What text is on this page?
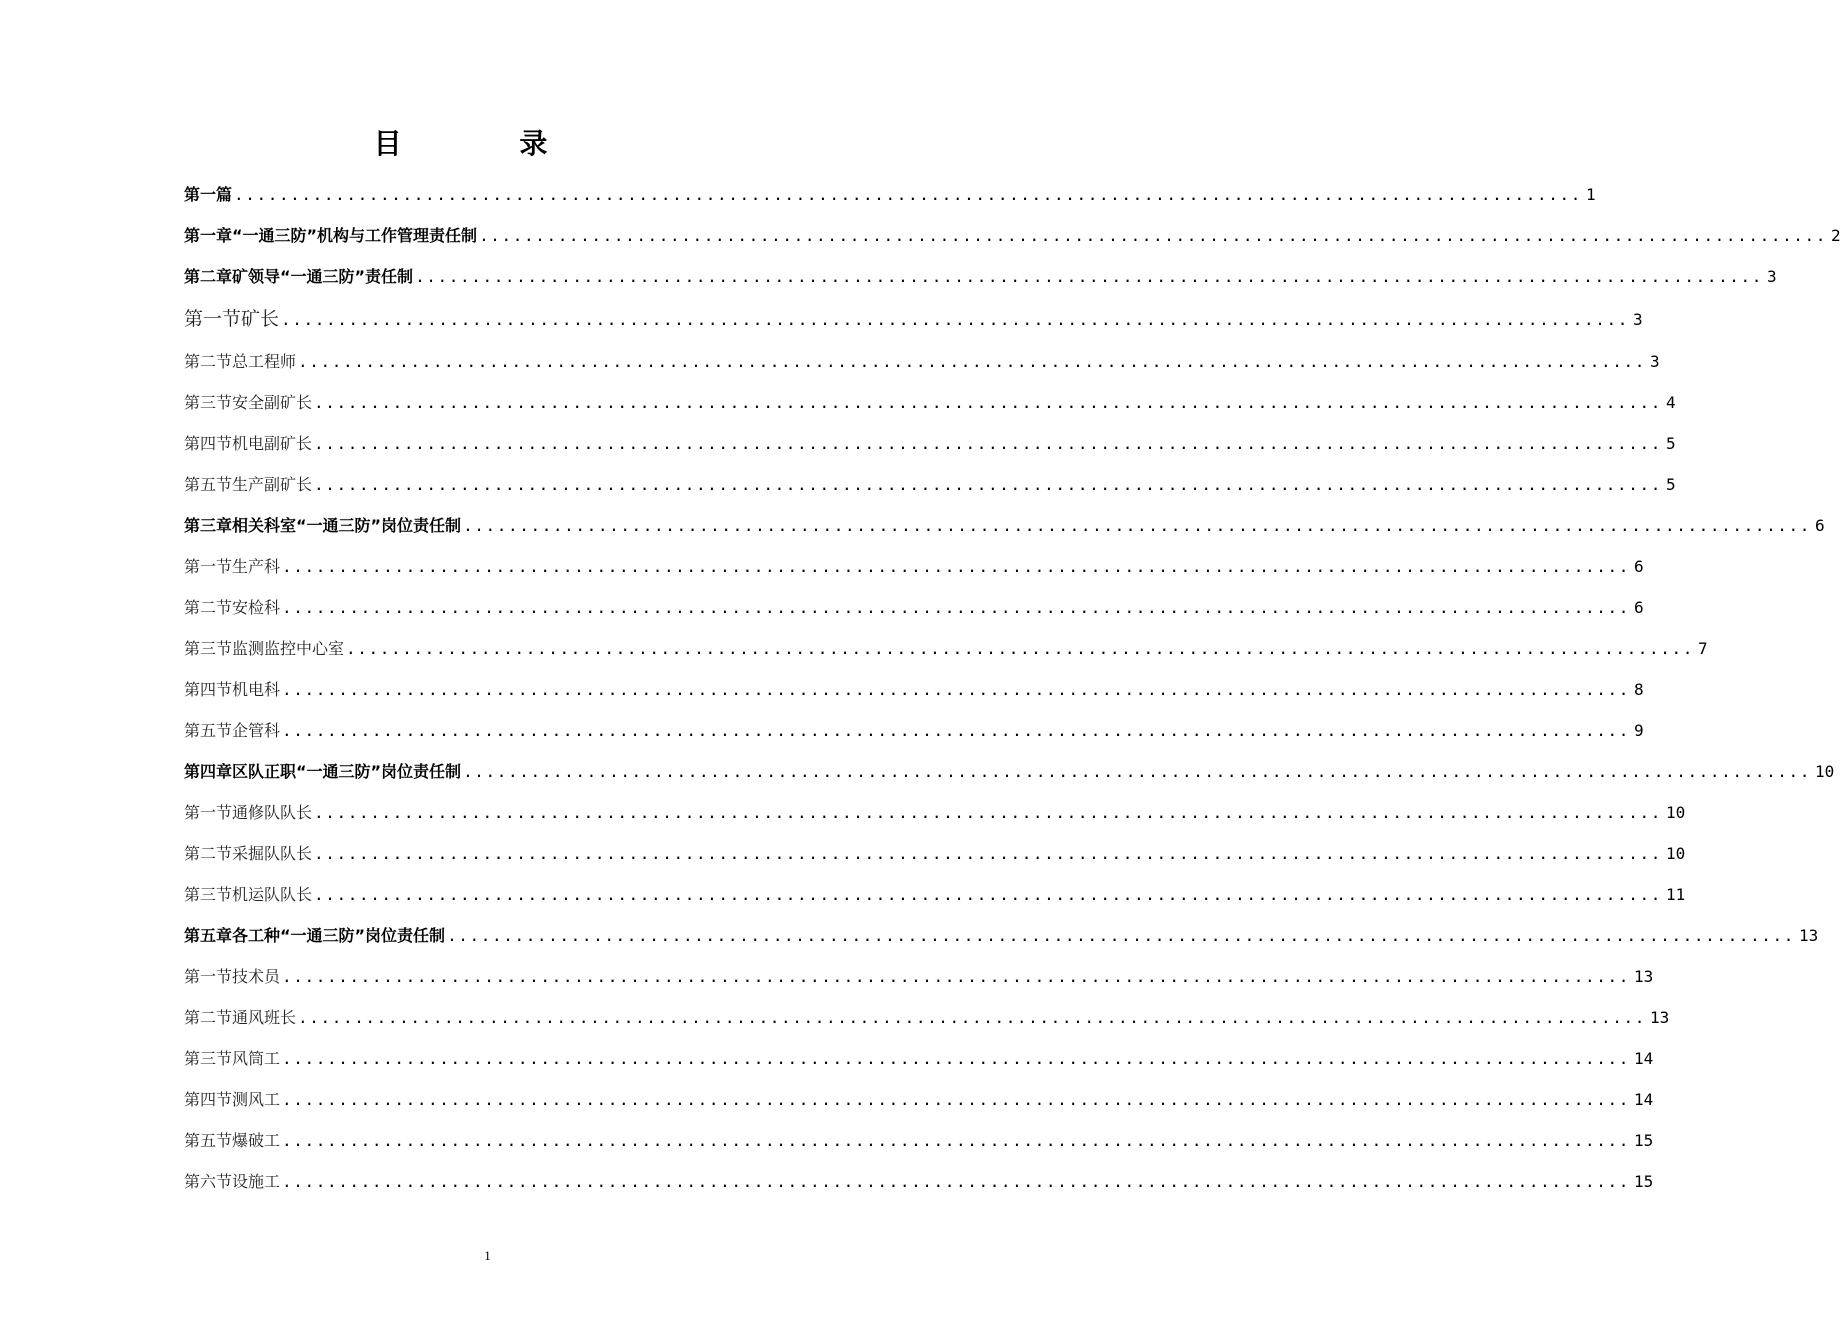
目 录
第一篇 ........................................................................................................................ 1
第一章 “一通三防”机构与工作管理责任制 ........................................................................................................................ 2
第二章 矿领导“一通三防”责任制 ........................................................................................................................ 3
第一节 矿长 ........................................................................................................................ 3
第二节 总工程师 ........................................................................................................................ 3
第三节 安全副矿长 ........................................................................................................................ 4
第四节 机电副矿长 ........................................................................................................................ 5
第五节 生产副矿长 ........................................................................................................................ 5
第三章 相关科室“一通三防”岗位责任制 ........................................................................................................................ 6
第一节 生产科 ........................................................................................................................ 6
第二节 安检科 ........................................................................................................................ 6
第三节 监测监控中心室 ........................................................................................................................ 7
第四节 机电科 ........................................................................................................................ 8
第五节 企管科 ........................................................................................................................ 9
第四章 区队正职“一通三防”岗位责任制 ........................................................................................................................ 10
第一节 通修队队长 ........................................................................................................................ 10
第二节 采掘队队长 ........................................................................................................................ 10
第三节 机运队队长 ........................................................................................................................ 11
第五章 各工种“一通三防”岗位责任制 ........................................................................................................................ 13
第一节 技术员 ........................................................................................................................ 13
第二节 通风班长 ........................................................................................................................ 13
第三节 风筒工 ........................................................................................................................ 14
第四节 测风工 ........................................................................................................................ 14
第五节 爆破工 ........................................................................................................................ 15
第六节 设施工 ........................................................................................................................ 15
1
